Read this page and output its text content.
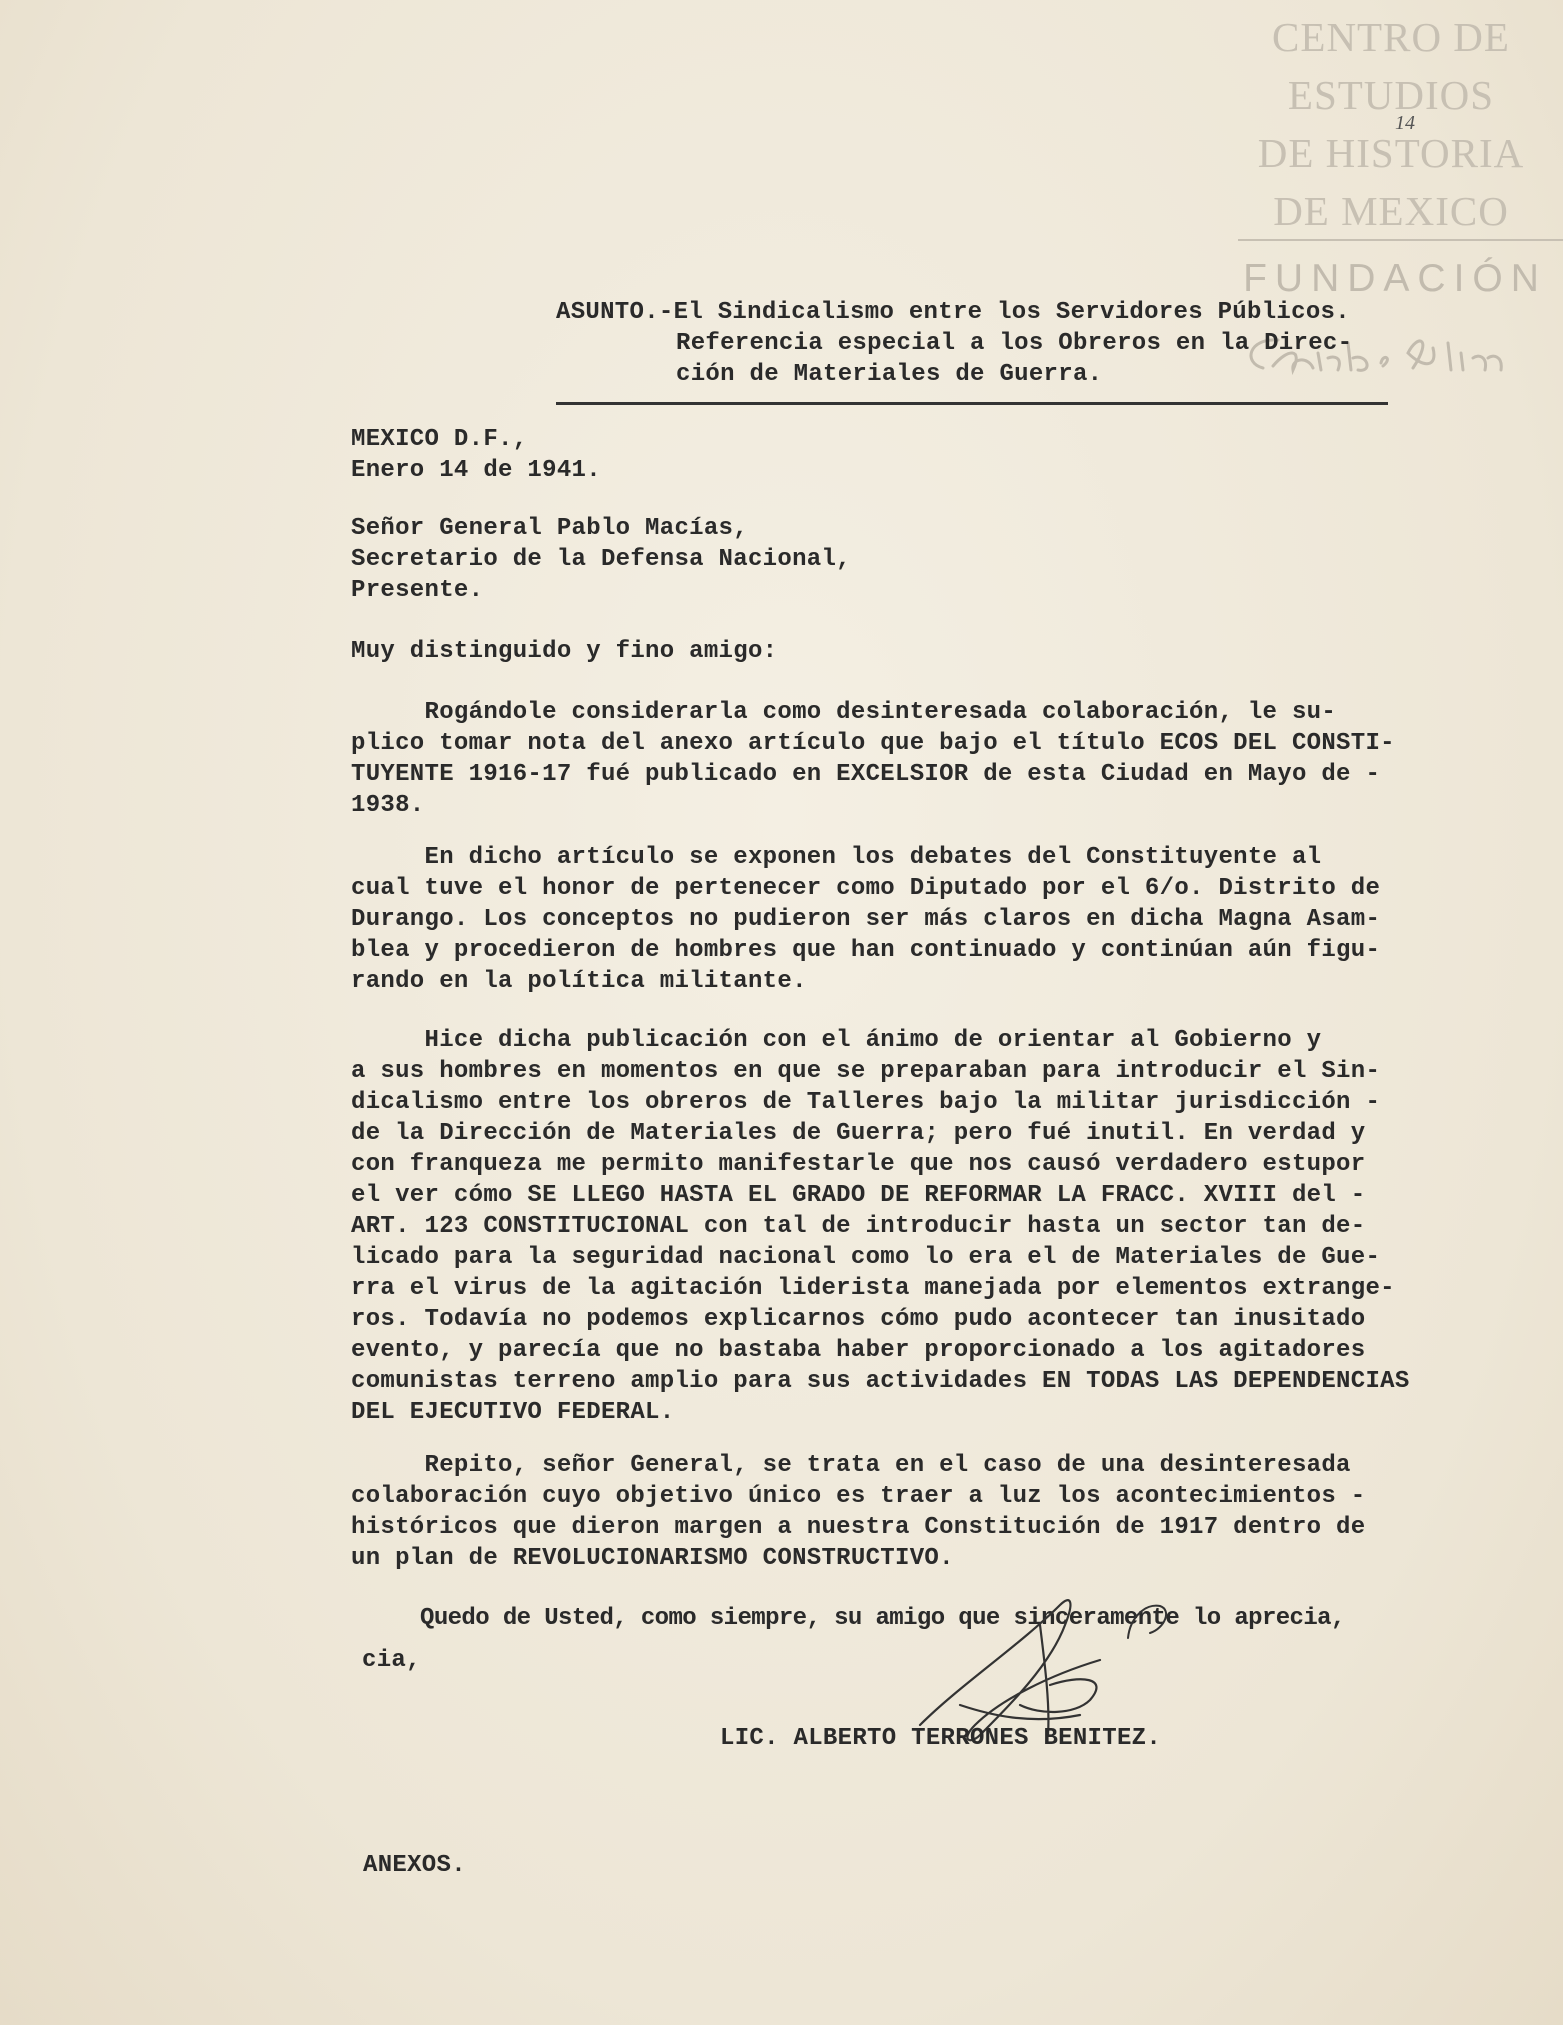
CENTRO DE
ESTUDIOS
DE HISTORIA
DE MEXICO
FUNDACIÓN
14
ASUNTO.-El Sindicalismo entre los Servidores Públicos.
Referencia especial a los Obreros en la Direc-
ción de Materiales de Guerra.
MEXICO D.F.,
Enero 14 de 1941.
Señor General Pablo Macías,
Secretario de la Defensa Nacional,
Presente.
Muy distinguido y fino amigo:
Rogándole considerarla como desinteresada colaboración, le su-
plico tomar nota del anexo artículo que bajo el título ECOS DEL CONSTI-
TUYENTE 1916-17 fué publicado en EXCELSIOR de esta Ciudad en Mayo de -
1938.
En dicho artículo se exponen los debates del Constituyente al
cual tuve el honor de pertenecer como Diputado por el 6/o. Distrito de
Durango. Los conceptos no pudieron ser más claros en dicha Magna Asam-
blea y procedieron de hombres que han continuado y continúan aún figu-
rando en la política militante.
Hice dicha publicación con el ánimo de orientar al Gobierno y
a sus hombres en momentos en que se preparaban para introducir el Sin-
dicalismo entre los obreros de Talleres bajo la militar jurisdicción -
de la Dirección de Materiales de Guerra; pero fué inutil. En verdad y
con franqueza me permito manifestarle que nos causó verdadero estupor
el ver cómo SE LLEGO HASTA EL GRADO DE REFORMAR LA FRACC. XVIII del -
ART. 123 CONSTITUCIONAL con tal de introducir hasta un sector tan de-
licado para la seguridad nacional como lo era el de Materiales de Gue-
rra el virus de la agitación liderista manejada por elementos extrange-
ros. Todavía no podemos explicarnos cómo pudo acontecer tan inusitado
evento, y parecía que no bastaba haber proporcionado a los agitadores
comunistas terreno amplio para sus actividades EN TODAS LAS DEPENDENCIAS
DEL EJECUTIVO FEDERAL.
Repito, señor General, se trata en el caso de una desinteresada
colaboración cuyo objetivo único es traer a luz los acontecimientos -
históricos que dieron margen a nuestra Constitución de 1917 dentro de
un plan de REVOLUCIONARISMO CONSTRUCTIVO.
Quedo de Usted, como siempre, su amigo que sinceramente lo aprecia,
cia,
LIC. ALBERTO TERRONES BENITEZ.
ANEXOS.
